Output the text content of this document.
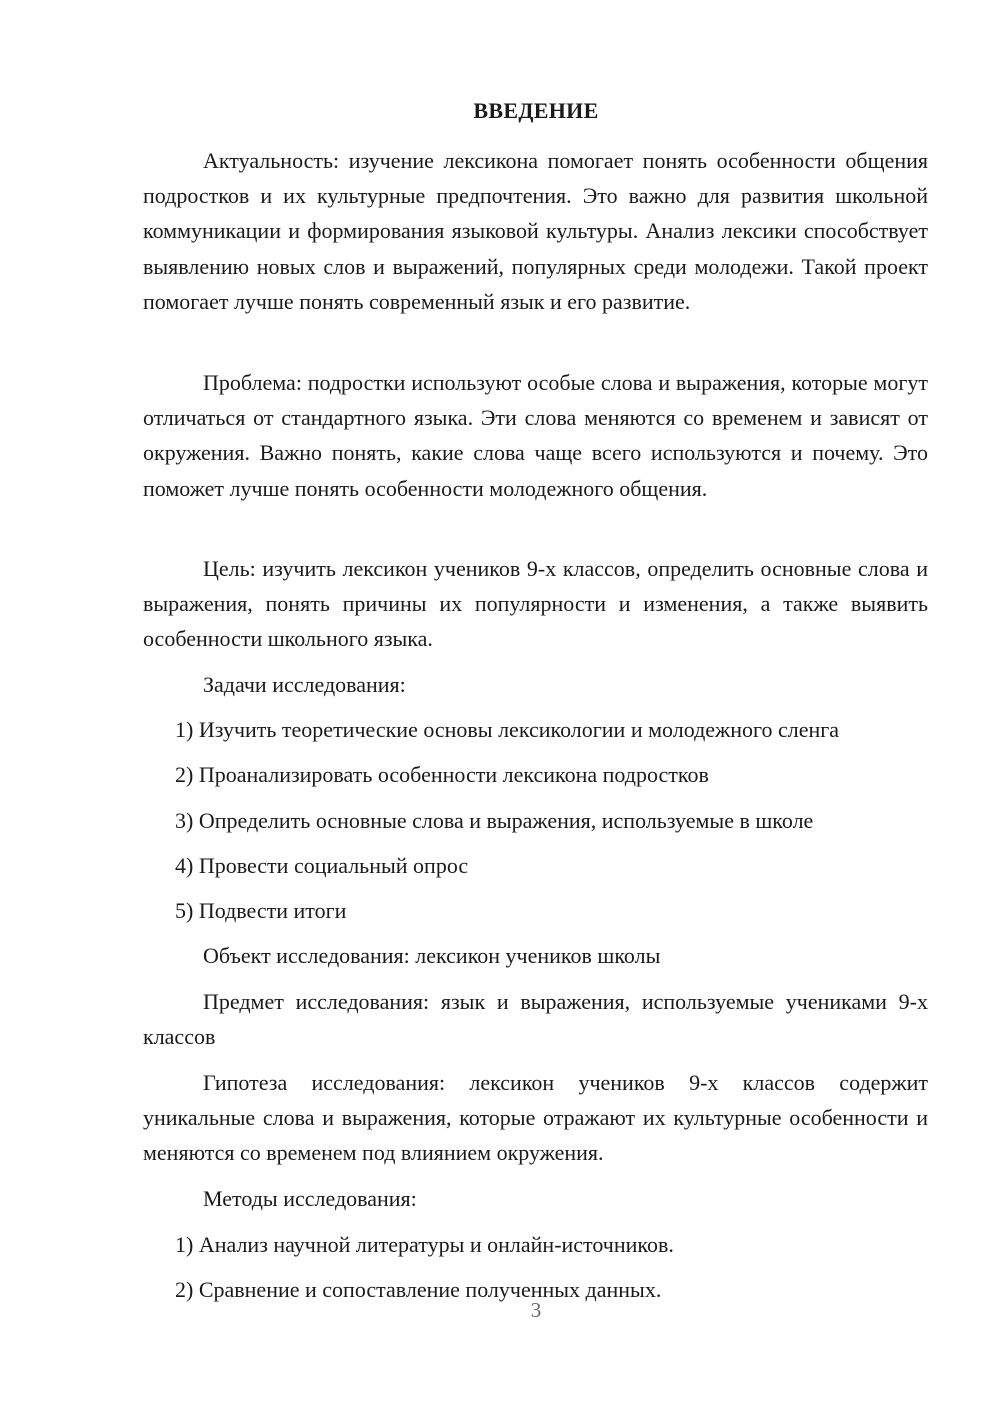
ВВЕДЕНИЕ

Актуальность: изучение лексикона помогает понять особенности общения подростков и их культурные предпочтения. Это важно для развития школьной коммуникации и формирования языковой культуры. Анализ лексики способствует выявлению новых слов и выражений, популярных среди молодежи. Такой проект помогает лучше понять современный язык и его развитие.

Проблема: подростки используют особые слова и выражения, которые могут отличаться от стандартного языка. Эти слова меняются со временем и зависят от окружения. Важно понять, какие слова чаще всего используются и почему. Это поможет лучше понять особенности молодежного общения.

Цель: изучить лексикон учеников 9-х классов, определить основные слова и выражения, понять причины их популярности и изменения, а также выявить особенности школьного языка.

Задачи исследования:

1) Изучить теоретические основы лексикологии и молодежного сленга

2) Проанализировать особенности лексикона подростков

3) Определить основные слова и выражения, используемые в школе

4) Провести социальный опрос

5) Подвести итоги

Объект исследования: лексикон учеников школы

Предмет исследования: язык и выражения, используемые учениками 9-х классов

Гипотеза исследования: лексикон учеников 9-х классов содержит уникальные слова и выражения, которые отражают их культурные особенности и меняются со временем под влиянием окружения.

Методы исследования:

1) Анализ научной литературы и онлайн-источников.

2) Сравнение и сопоставление полученных данных.

3
